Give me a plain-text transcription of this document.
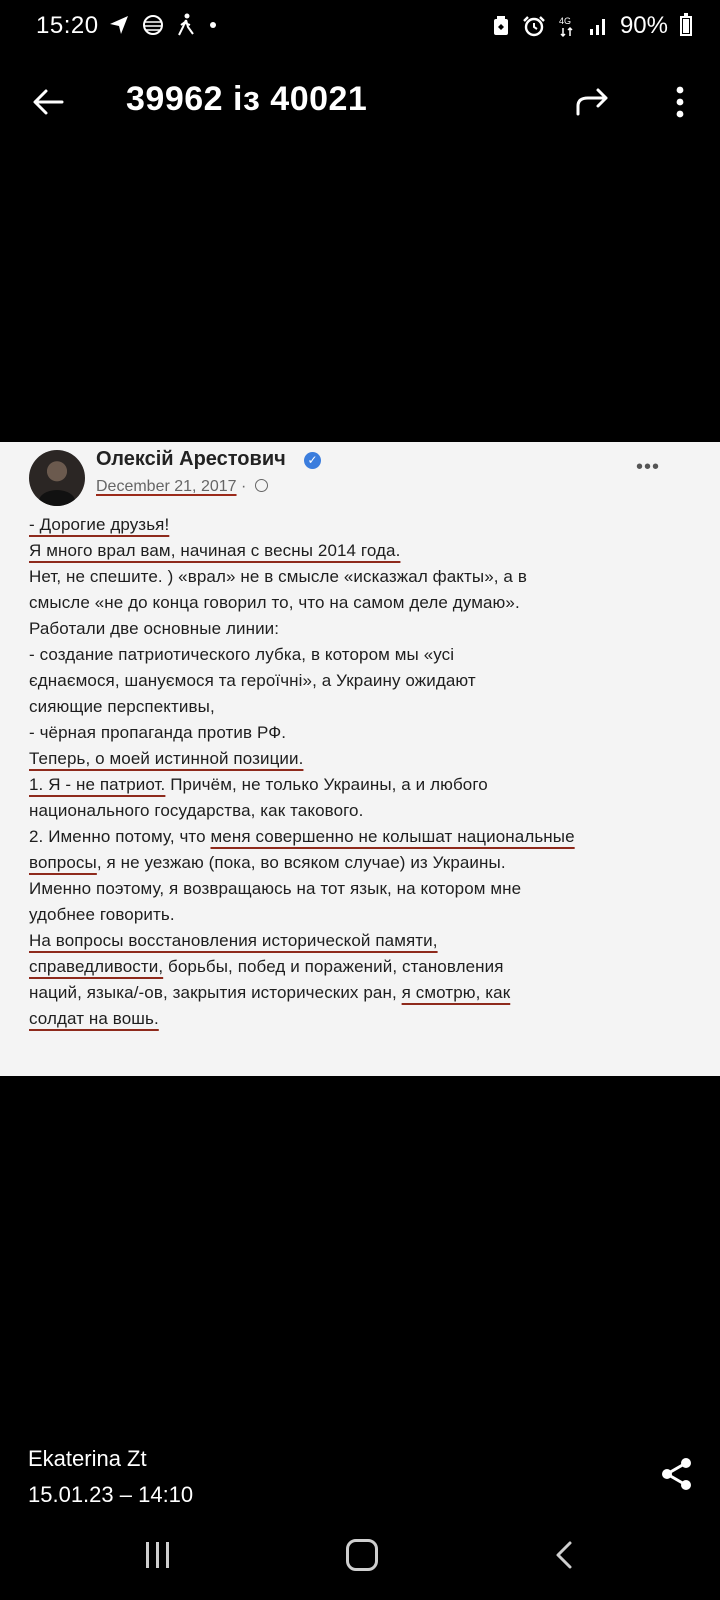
15:20	4G 90%
39962 із 40021
Олексій Арестович ✓
December 21, 2017 ·
•••
- Дорогие друзья!
Я много врал вам, начиная с весны 2014 года.
Нет, не спешите. ) «врал» не в смысле «исказжал факты», а в
смысле «не до конца говорил то, что на самом деле думаю».
Работали две основные линии:
- создание патриотического лубка, в котором мы «усі
єднаємося, шануємося та героїчні», а Украину ожидают
сияющие перспективы,
- чёрная пропаганда против РФ.
Теперь, о моей истинной позиции.
1. Я - не патриот. Причём, не только Украины, а и любого
национального государства, как такового.
2. Именно потому, что меня совершенно не колышат национальные
вопросы, я не уезжаю (пока, во всяком случае) из Украины.
Именно поэтому, я возвращаюсь на тот язык, на котором мне
удобнее говорить.
На вопросы восстановления исторической памяти,
справедливости, борьбы, побед и поражений, становления
наций, языка/-ов, закрытия исторических ран, я смотрю, как
солдат на вошь.
Ekaterina Zt
15.01.23 – 14:10
